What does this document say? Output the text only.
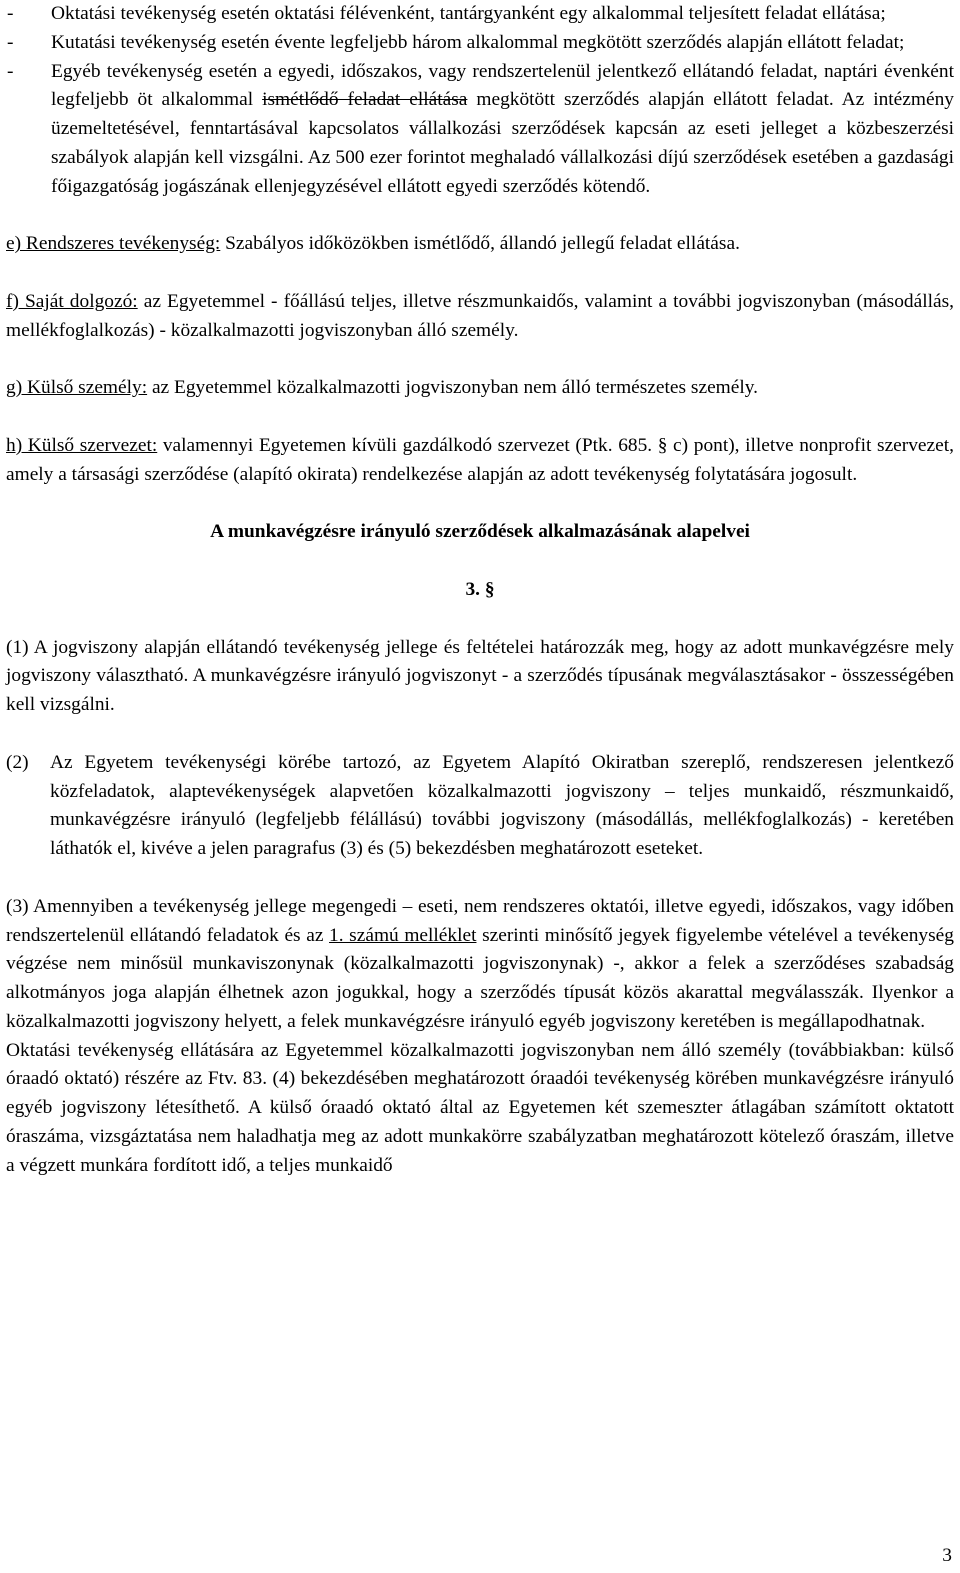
- Oktatási tevékenység esetén oktatási félévenként, tantárgyanként egy alkalommal teljesített feladat ellátása;

- Kutatási tevékenység esetén évente legfeljebb három alkalommal megkötött szerződés alapján ellátott feladat;

- Egyéb tevékenység esetén a egyedi, időszakos, vagy rendszertelenül jelentkező ellátandó feladat, naptári évenként legfeljebb öt alkalommal ismétlődő feladat ellátása megkötött szerződés alapján ellátott feladat. Az intézmény üzemeltetésével, fenntartásával kapcsolatos vállalkozási szerződések kapcsán az eseti jelleget a közbeszerzési szabályok alapján kell vizsgálni. Az 500 ezer forintot meghaladó vállalkozási díjú szerződések esetében a gazdasági főigazgatóság jogászának ellenjegyzésével ellátott egyedi szerződés kötendő.

e) Rendszeres tevékenység: Szabályos időközökben ismétlődő, állandó jellegű feladat ellátása.

f) Saját dolgozó: az Egyetemmel - főállású teljes, illetve részmunkaidős, valamint a további jogviszonyban (másodállás, mellékfoglalkozás) - közalkalmazotti jogviszonyban álló személy.

g) Külső személy: az Egyetemmel közalkalmazotti jogviszonyban nem álló természetes személy.

h) Külső szervezet: valamennyi Egyetemen kívüli gazdálkodó szervezet (Ptk. 685. § c) pont), illetve nonprofit szervezet, amely a társasági szerződése (alapító okirata) rendelkezése alapján az adott tevékenység folytatására jogosult.

A munkavégzésre irányuló szerződések alkalmazásának alapelvei

3. §

(1) A jogviszony alapján ellátandó tevékenység jellege és feltételei határozzák meg, hogy az adott munkavégzésre mely jogviszony választható. A munkavégzésre irányuló jogviszonyt - a szerződés típusának megválasztásakor - összességében kell vizsgálni.

(2) Az Egyetem tevékenységi körébe tartozó, az Egyetem Alapító Okiratban szereplő, rendszeresen jelentkező közfeladatok, alaptevékenységek alapvetően közalkalmazotti jogviszony – teljes munkaidő, részmunkaidő, munkavégzésre irányuló (legfeljebb félállású) további jogviszony (másodállás, mellékfoglalkozás) - keretében láthatók el, kivéve a jelen paragrafus (3) és (5) bekezdésben meghatározott eseteket.

(3) Amennyiben a tevékenység jellege megengedi – eseti, nem rendszeres oktatói, illetve egyedi, időszakos, vagy időben rendszertelenül ellátandó feladatok és az 1. számú melléklet szerinti minősítő jegyek figyelembe vételével a tevékenység végzése nem minősül munkaviszonynak (közalkalmazotti jogviszonynak) -, akkor a felek a szerződéses szabadság alkotmányos joga alapján élhetnek azon jogukkal, hogy a szerződés típusát közös akarattal megválasszák. Ilyenkor a közalkalmazotti jogviszony helyett, a felek munkavégzésre irányuló egyéb jogviszony keretében is megállapodhatnak.

Oktatási tevékenység ellátására az Egyetemmel közalkalmazotti jogviszonyban nem álló személy (továbbiakban: külső óraadó oktató) részére az Ftv. 83. (4) bekezdésében meghatározott óraadói tevékenység körében munkavégzésre irányuló egyéb jogviszony létesíthető. A külső óraadó oktató által az Egyetemen két szemeszter átlagában számított oktatott óraszáma, vizsgáztatása nem haladhatja meg az adott munkakörre szabályzatban meghatározott kötelező óraszám, illetve a végzett munkára fordított idő, a teljes munkaidő

3
